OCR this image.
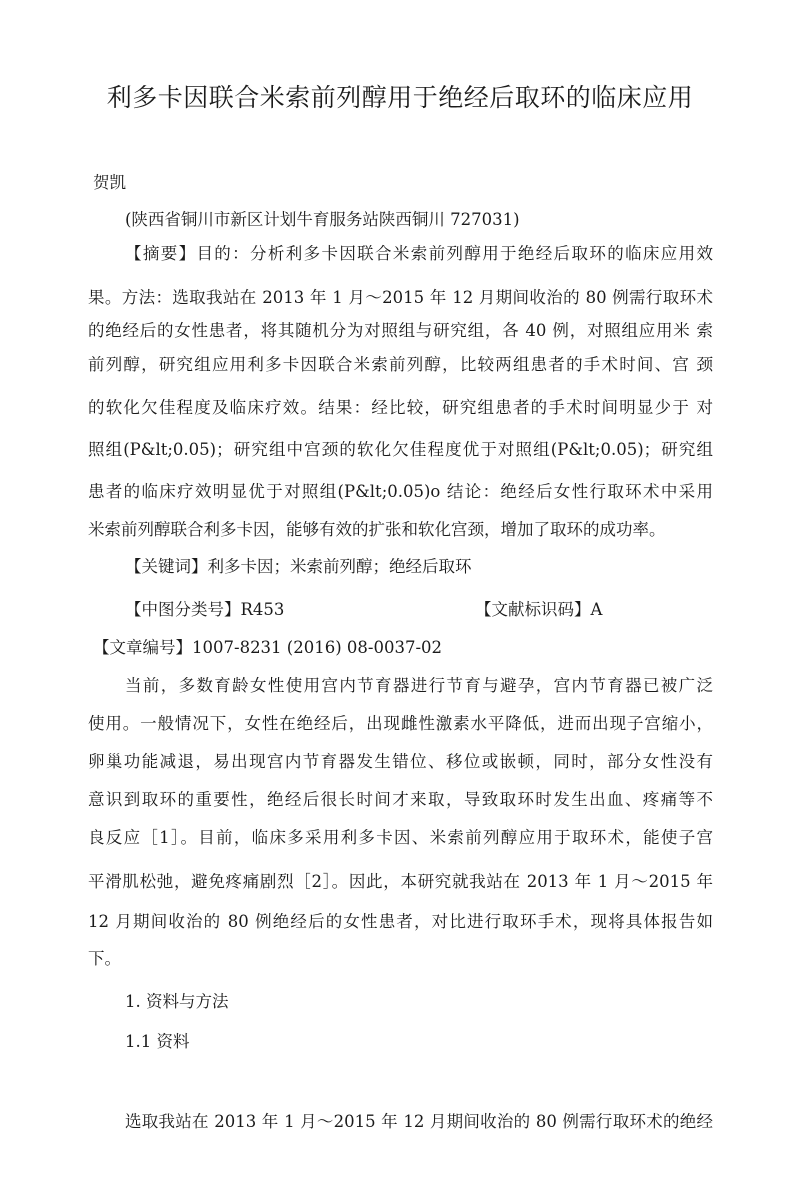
利多卡因联合米索前列醇用于绝经后取环的临床应用
贺凯
(陕西省铜川市新区计划牛育服务站陕西铜川 727031)
【摘要】目的：分析利多卡因联合米索前列醇用于绝经后取环的临床应用效
果。方法：选取我站在 2013 年 1 月～2015 年 12 月期间收治的 80 例需行取环术
的绝经后的女性患者，将其随机分为对照组与研究组，各 40 例，对照组应用米 索
前列醇，研究组应用利多卡因联合米索前列醇，比较两组患者的手术时间、宫 颈
的软化欠佳程度及临床疗效。结果：经比较，研究组患者的手术时间明显少于 对
照组(P&lt;0.05)；研究组中宫颈的软化欠佳程度优于对照组(P&lt;0.05)；研究组
患者的临床疗效明显优于对照组(P&lt;0.05)o 结论：绝经后女性行取环术中采用
米索前列醇联合利多卡因，能够有效的扩张和软化宫颈，增加了取环的成功率。
【关键词】利多卡因；米索前列醇；绝经后取环
【中图分类号】R453	【文献标识码】A
【文章编号】1007-8231 (2016) 08-0037-02
当前，多数育龄女性使用宫内节育器进行节育与避孕，宫内节育器已被广泛
使用。一般情况下，女性在绝经后，出现雌性激素水平降低，进而出现子宫缩小，
卵巢功能减退，易出现宫内节育器发生错位、移位或嵌顿，同时，部分女性没有
意识到取环的重要性，绝经后很长时间才来取，导致取环时发生出血、疼痛等不
良反应［1］。目前，临床多采用利多卡因、米索前列醇应用于取环术，能使子宫
平滑肌松弛，避免疼痛剧烈［2］。因此，本研究就我站在 2013 年 1 月～2015 年
12 月期间收治的 80 例绝经后的女性患者，对比进行取环手术，现将具体报告如
下。
1. 资料与方法
1.1 资料
选取我站在 2013 年 1 月～2015 年 12 月期间收治的 80 例需行取环术的绝经
